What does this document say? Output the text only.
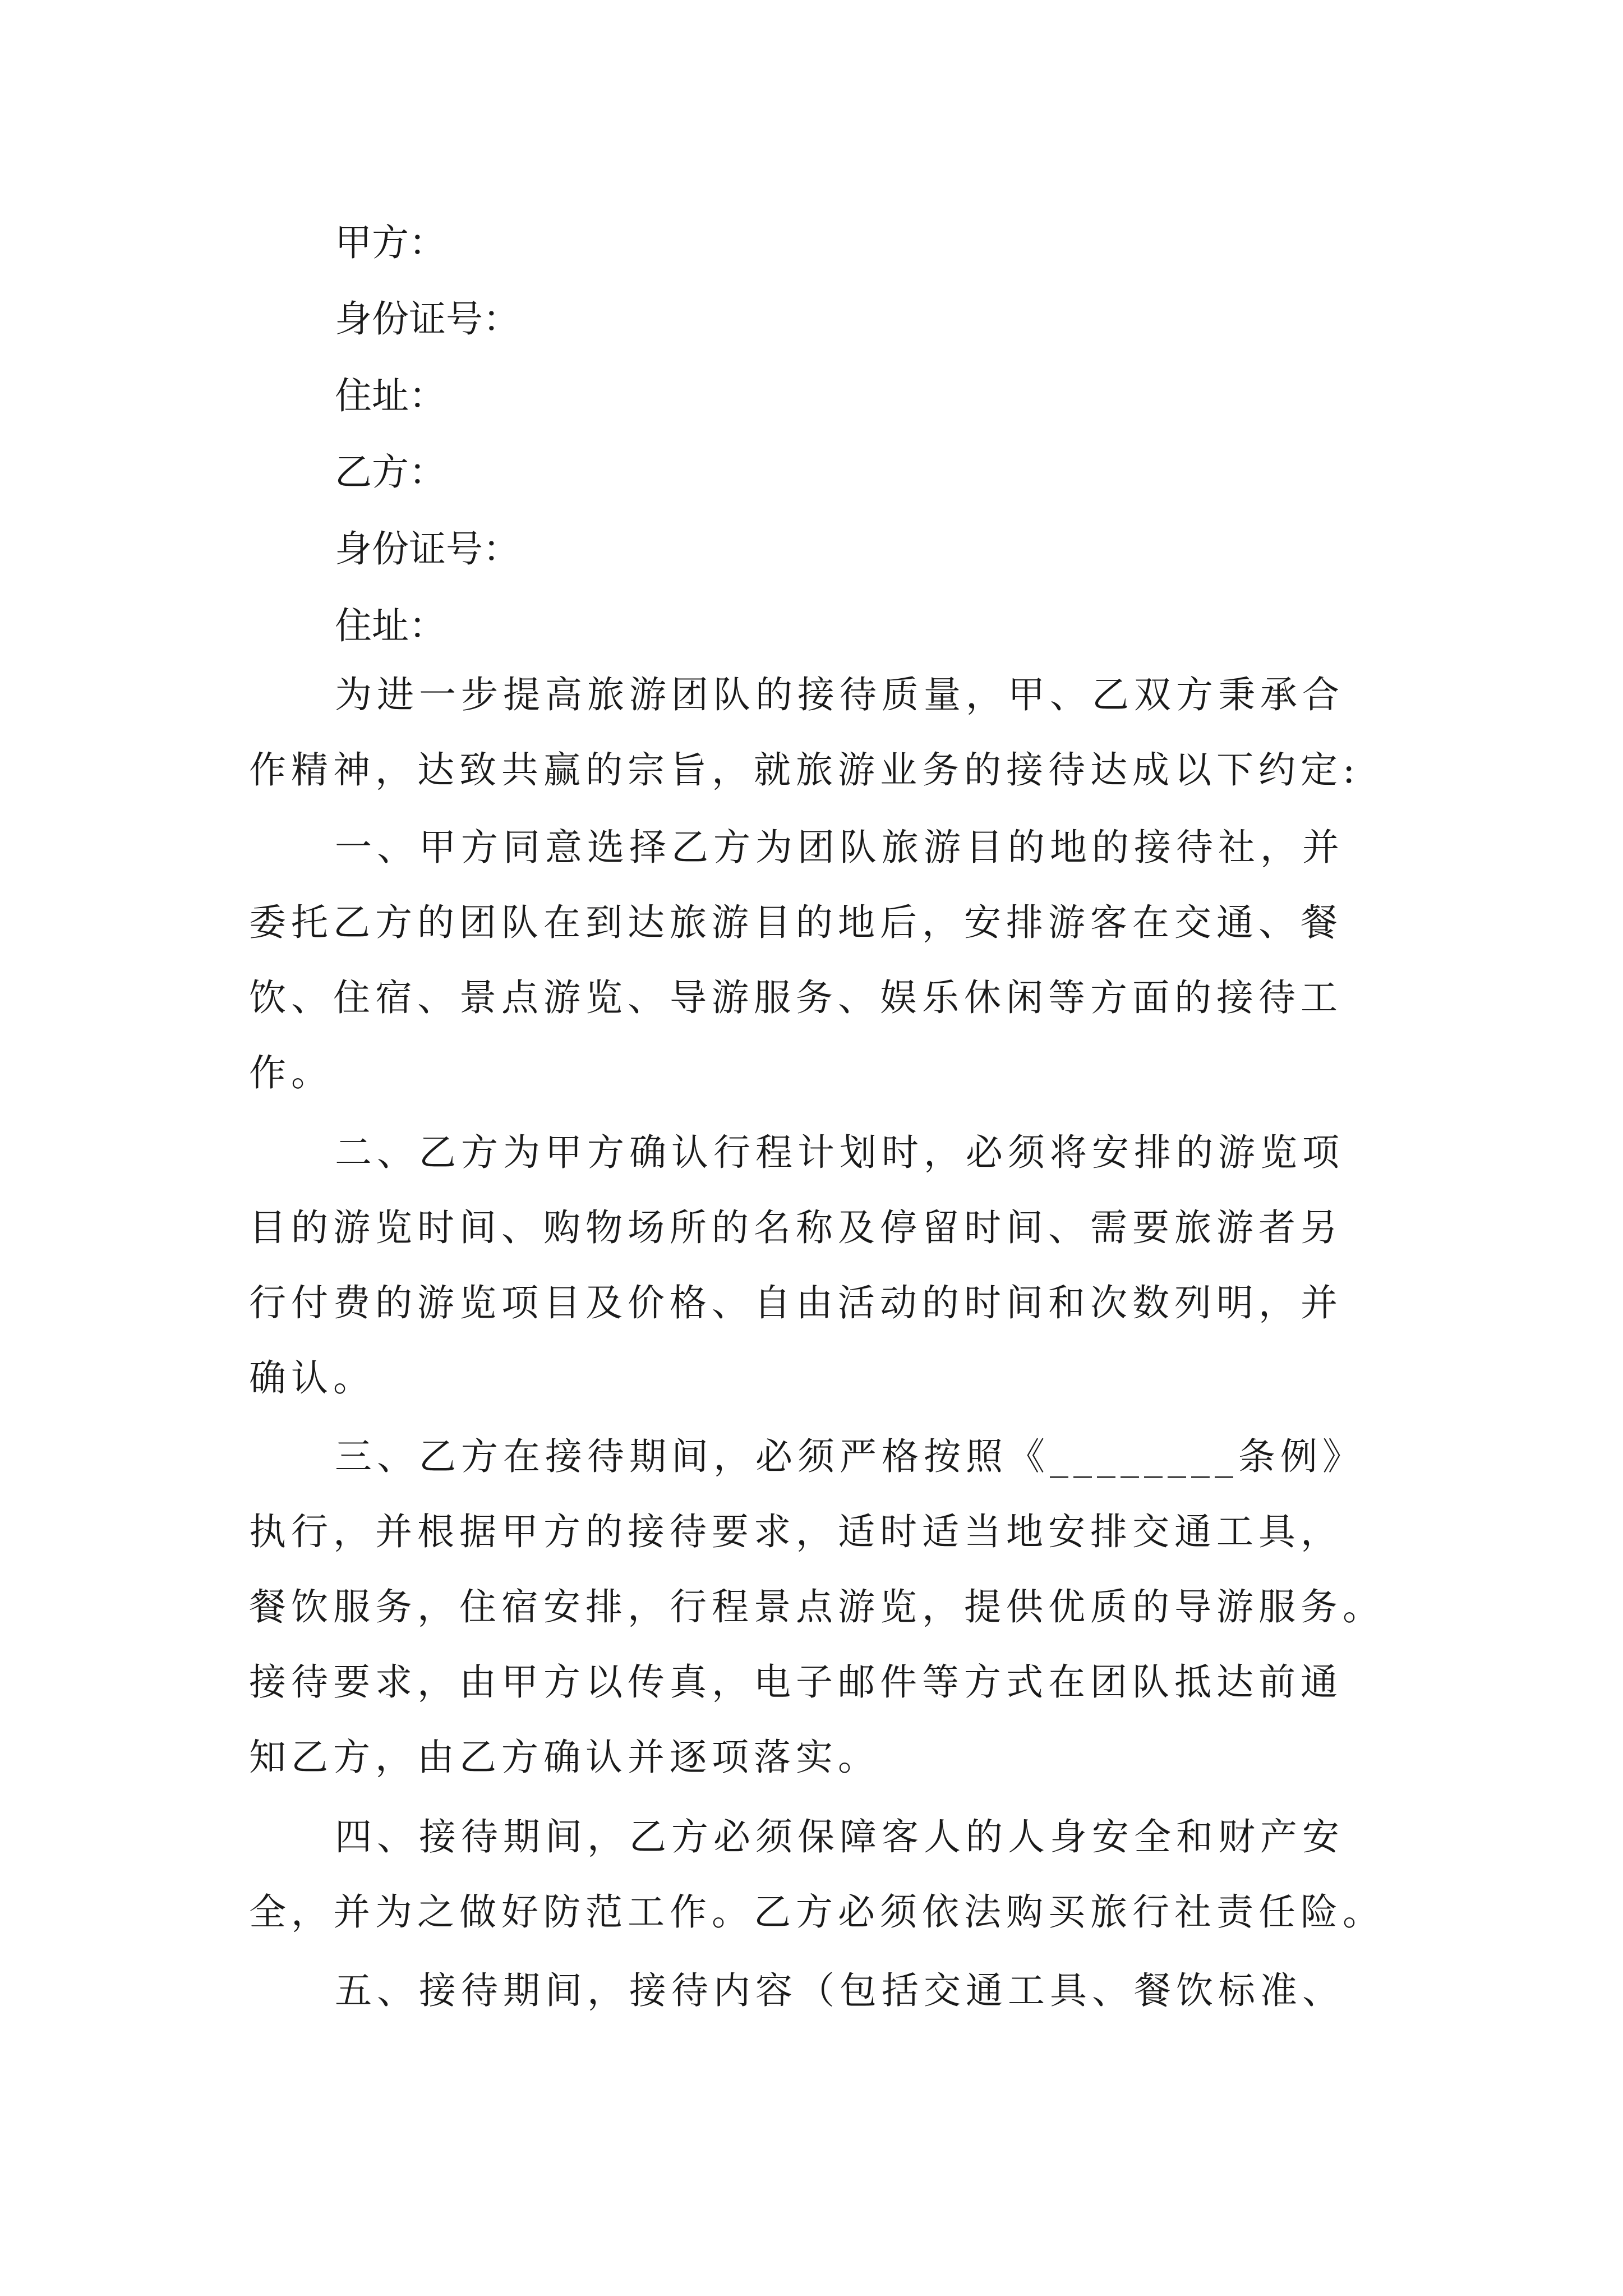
甲方：
身份证号：
住址：
乙方：
身份证号：
住址：
为进一步提高旅游团队的接待质量，甲、乙双方秉承合
作精神，达致共赢的宗旨，就旅游业务的接待达成以下约定:
一、甲方同意选择乙方为团队旅游目的地的接待社，并
委托乙方的团队在到达旅游目的地后，安排游客在交通、餐
饮、住宿、景点游览、导游服务、娱乐休闲等方面的接待工
作。
二、乙方为甲方确认行程计划时，必须将安排的游览项
目的游览时间、购物场所的名称及停留时间、需要旅游者另
行付费的游览项目及价格、自由活动的时间和次数列明，并
确认。
三、乙方在接待期间，必须严格按照《________条例》
执行，并根据甲方的接待要求，适时适当地安排交通工具，
餐饮服务，住宿安排，行程景点游览，提供优质的导游服务。
接待要求，由甲方以传真，电子邮件等方式在团队抵达前通
知乙方，由乙方确认并逐项落实。
四、接待期间，乙方必须保障客人的人身安全和财产安
全，并为之做好防范工作。乙方必须依法购买旅行社责任险。
五、接待期间，接待内容（包括交通工具、餐饮标准、
